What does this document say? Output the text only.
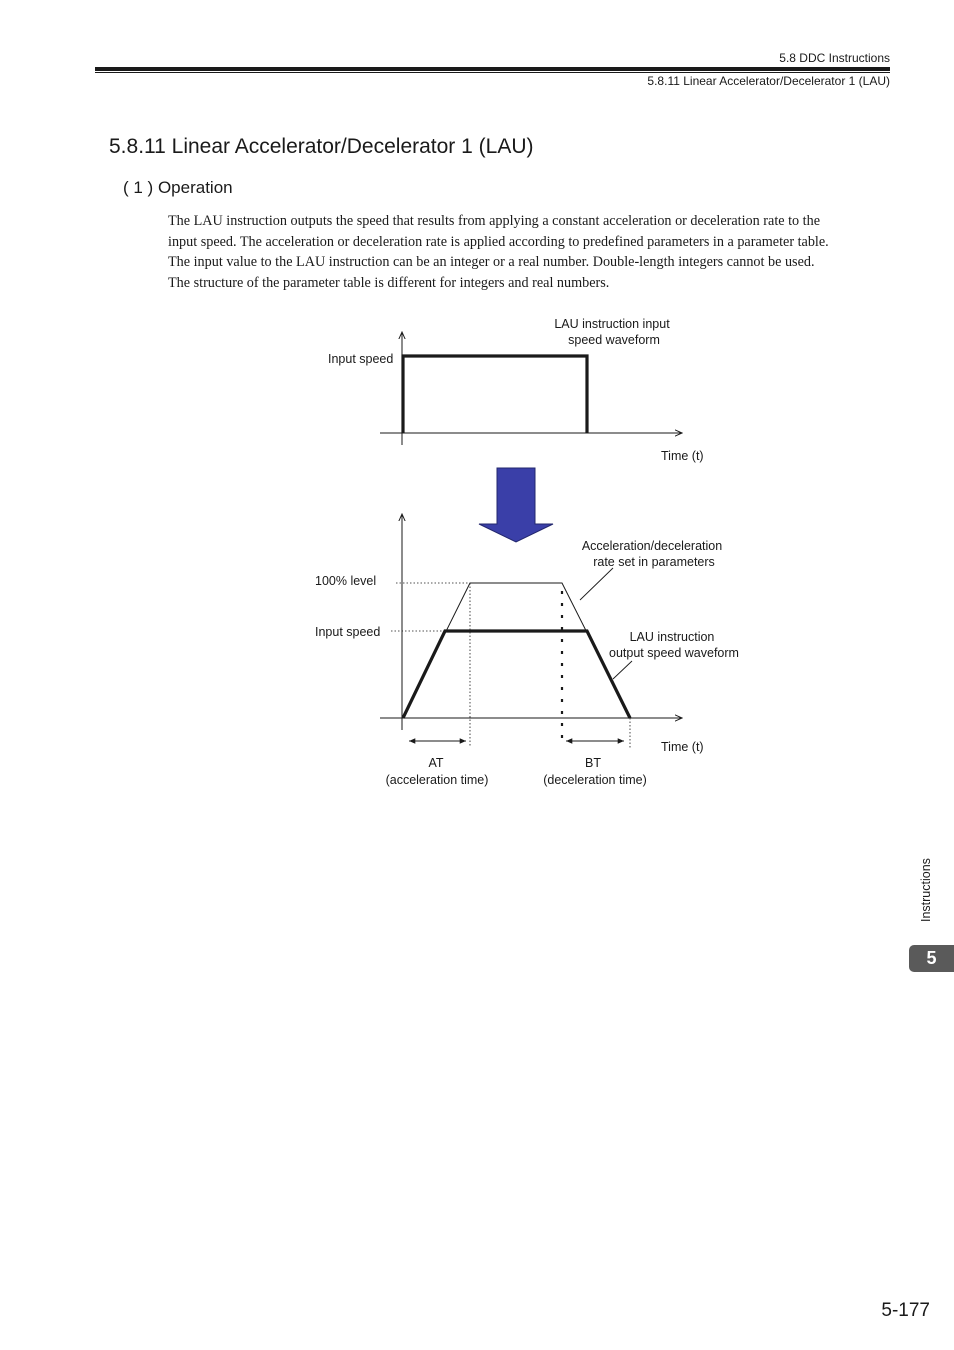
5.8 DDC Instructions
5.8.11 Linear Accelerator/Decelerator 1 (LAU)
5.8.11 Linear Accelerator/Decelerator 1 (LAU)
( 1 ) Operation

The LAU instruction outputs the speed that results from applying a constant acceleration or deceleration rate to the
input speed. The acceleration or deceleration rate is applied according to predefined parameters in a parameter table.
The input value to the LAU instruction can be an integer or a real number. Double-length integers cannot be used.
The structure of the parameter table is different for integers and real numbers.

Input speed
LAU instruction input
speed waveform
Time (t)
100% level
Input speed
Acceleration/deceleration
rate set in parameters
LAU instruction
output speed waveform
Time (t)
AT
(acceleration time)
BT
(deceleration time)
Instructions
5
5-177
